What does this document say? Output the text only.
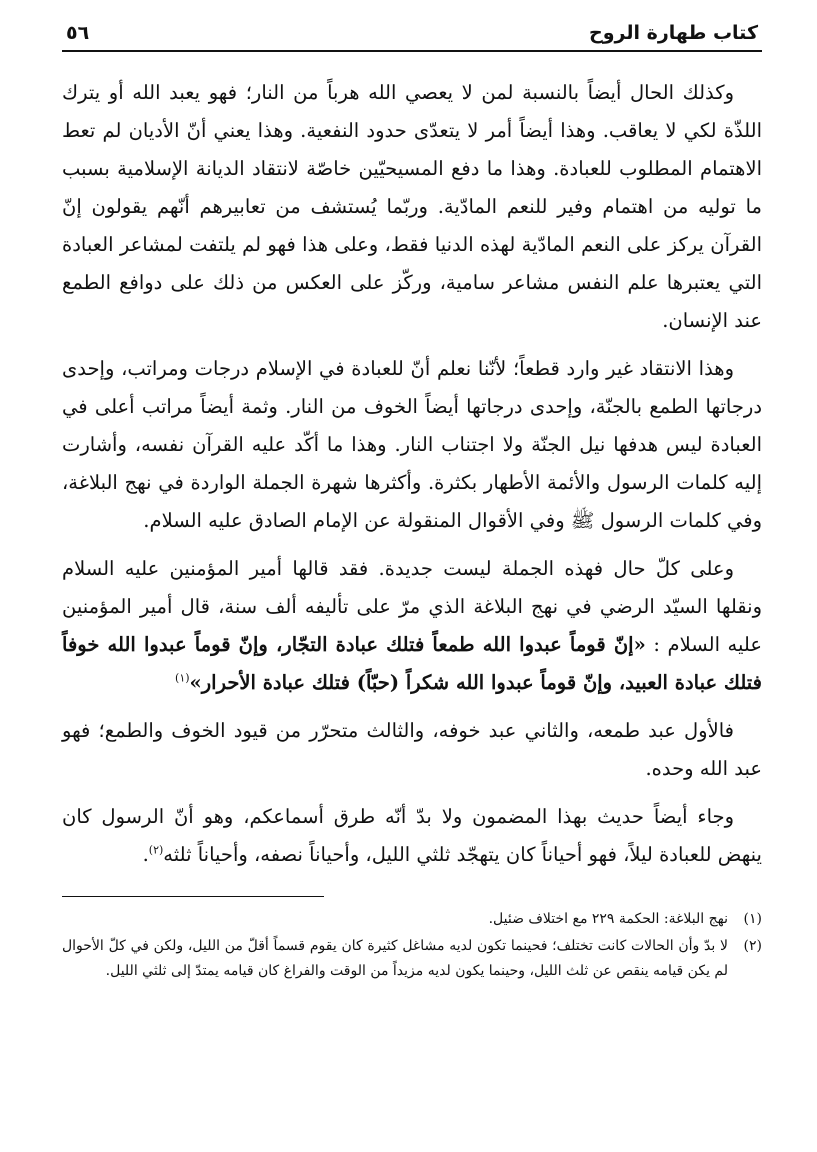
كتاب طهارة الروح
٥٦

وكذلك الحال أيضاً بالنسبة لمن لا يعصي الله هرباً من النار؛ فهو يعبد الله أو يترك اللذّة لكي لا يعاقب. وهذا أيضاً أمر لا يتعدّى حدود النفعية. وهذا يعني أنّ الأديان لم تعط الاهتمام المطلوب للعبادة. وهذا ما دفع المسيحيّين خاصّة لانتقاد الديانة الإسلامية بسبب ما توليه من اهتمام وفير للنعم المادّية. وربّما يُستشف من تعابيرهم أنّهم يقولون إنّ القرآن يركز على النعم المادّية لهذه الدنيا فقط، وعلى هذا فهو لم يلتفت لمشاعر العبادة التي يعتبرها علم النفس مشاعر سامية، وركّز على العكس من ذلك على دوافع الطمع عند الإنسان.

وهذا الانتقاد غير وارد قطعاً؛ لأنّنا نعلم أنّ للعبادة في الإسلام درجات ومراتب، وإحدى درجاتها الطمع بالجنّة، وإحدى درجاتها أيضاً الخوف من النار. وثمة أيضاً مراتب أعلى في العبادة ليس هدفها نيل الجنّة ولا اجتناب النار. وهذا ما أكّد عليه القرآن نفسه، وأشارت إليه كلمات الرسول والأئمة الأطهار بكثرة. وأكثرها شهرة الجملة الواردة في نهج البلاغة، وفي كلمات الرسول ﷺ وفي الأقوال المنقولة عن الإمام الصادق عليه السلام.

وعلى كلّ حال فهذه الجملة ليست جديدة. فقد قالها أمير المؤمنين عليه السلام ونقلها السيّد الرضي في نهج البلاغة الذي مرّ على تأليفه ألف سنة، قال أمير المؤمنين عليه السلام : «إنّ قوماً عبدوا الله طمعاً فتلك عبادة التجّار، وإنّ قوماً عبدوا الله خوفاً فتلك عبادة العبيد، وإنّ قوماً عبدوا الله شكراً (حبّاً) فتلك عبادة الأحرار»$^{(١)}$

فالأول عبد طمعه، والثاني عبد خوفه، والثالث متحرّر من قيود الخوف والطمع؛ فهو عبد الله وحده.

وجاء أيضاً حديث بهذا المضمون ولا بدّ أنّه طرق أسماعكم، وهو أنّ الرسول كان ينهض للعبادة ليلاً، فهو أحياناً كان يتهجّد ثلثي الليل، وأحياناً نصفه، وأحياناً ثلثه$^{(٢)}$.

(١)
نهج البلاغة: الحكمة ٢٢٩ مع اختلاف ضئيل.
(٢)
لا بدّ وأن الحالات كانت تختلف؛ فحينما تكون لديه مشاغل كثيرة كان يقوم قسماً أقلّ من الليل، ولكن في كلّ الأحوال لم يكن قيامه ينقص عن ثلث الليل، وحينما يكون لديه مزيداً من الوقت والفراغ كان قيامه يمتدّ إلى ثلثي الليل.
